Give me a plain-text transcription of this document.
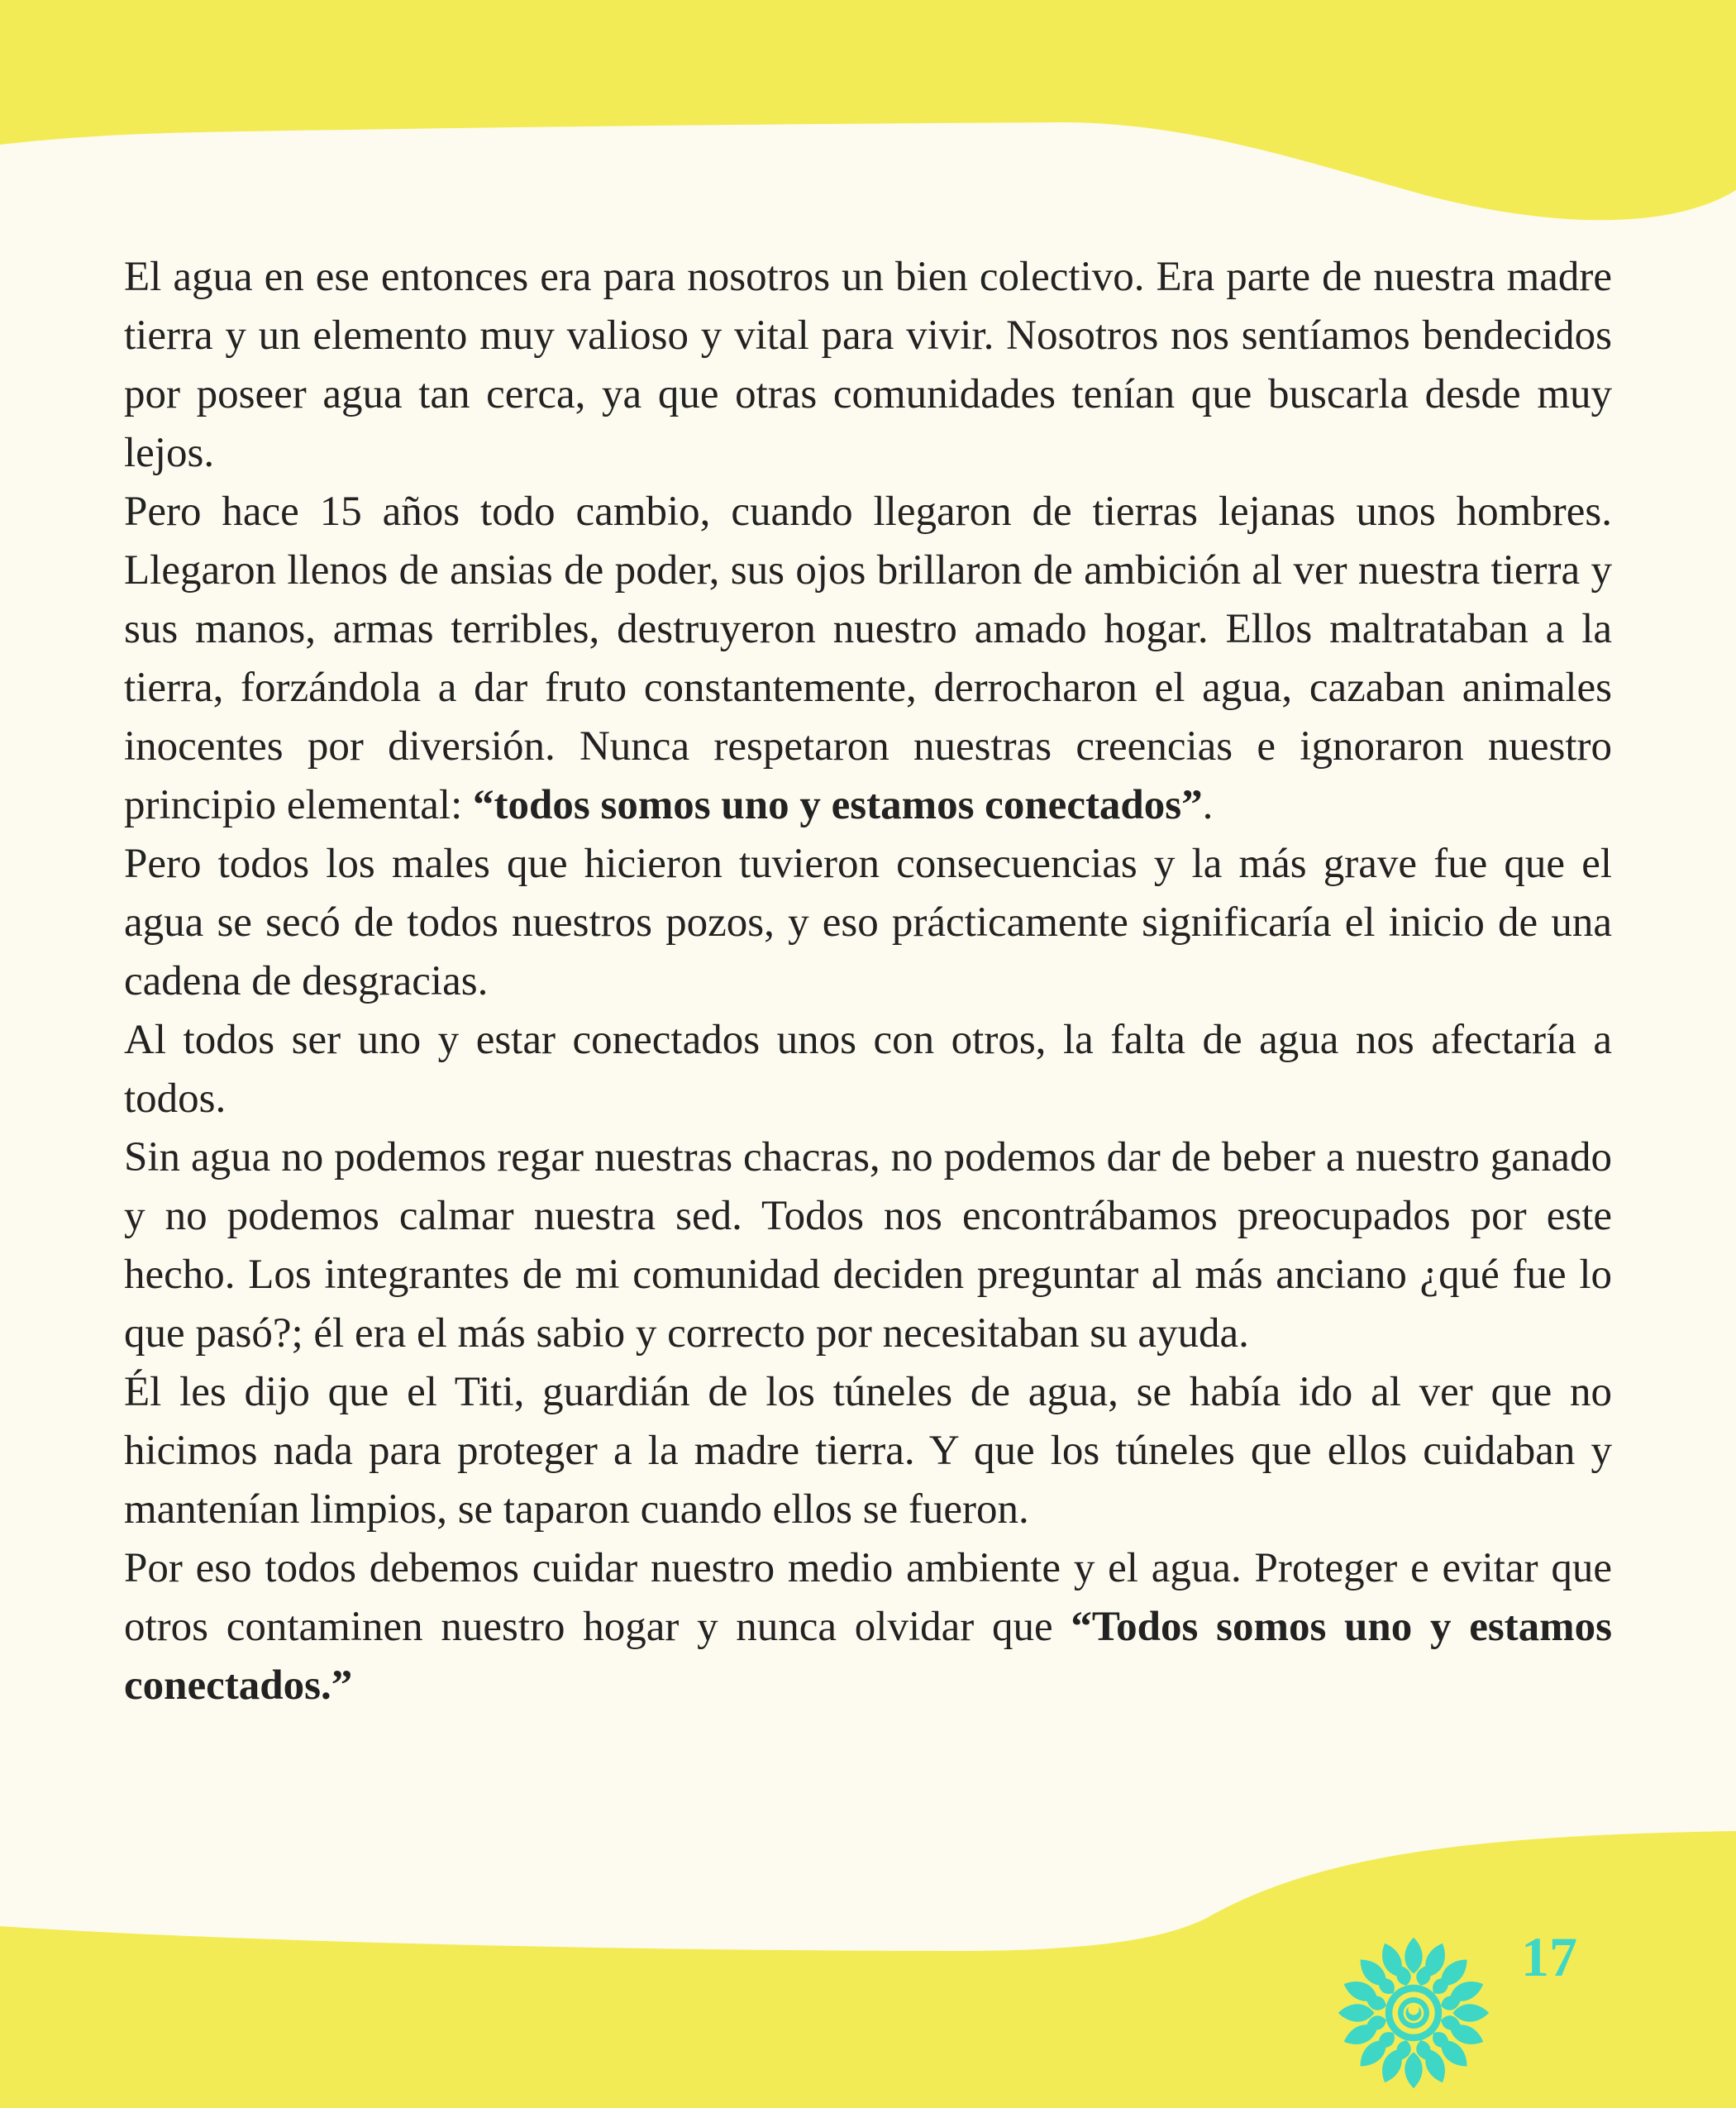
El agua en ese entonces era para nosotros un bien colectivo. Era parte de nuestra madre tierra y un elemento muy valioso y vital para vivir. Nosotros nos sentíamos bendecidos por poseer agua tan cerca, ya que otras comunidades tenían que buscarla desde muy lejos.

Pero hace 15 años todo cambio, cuando llegaron de tierras lejanas unos hombres. Llegaron llenos de ansias de poder, sus ojos brillaron de ambición al ver nuestra tierra y sus manos, armas terribles, destruyeron nuestro amado hogar. Ellos maltrataban a la tierra, forzándola a dar fruto constantemente, derrocharon el agua, cazaban animales inocentes por diversión. Nunca respetaron nuestras creencias e ignoraron nuestro principio elemental: “todos somos uno y estamos conectados”.

Pero todos los males que hicieron tuvieron consecuencias y la más grave fue que el agua se secó de todos nuestros pozos, y eso prácticamente significaría el inicio de una cadena de desgracias.

Al todos ser uno y estar conectados unos con otros, la falta de agua nos afectaría a todos.

Sin agua no podemos regar nuestras chacras, no podemos dar de beber a nuestro ganado y no podemos calmar nuestra sed. Todos nos encontrábamos preocupados por este hecho. Los integrantes de mi comunidad deciden preguntar al más anciano ¿qué fue lo que pasó?; él era el más sabio y correcto por necesitaban su ayuda.

Él les dijo que el Titi, guardián de los túneles de agua, se había ido al ver que no hicimos nada para proteger a la madre tierra. Y que los túneles que ellos cuidaban y mantenían limpios, se taparon cuando ellos se fueron.

Por eso todos debemos cuidar nuestro medio ambiente y el agua. Proteger e evitar que otros contaminen nuestro hogar y nunca olvidar que “Todos somos uno y estamos conectados.”

17
